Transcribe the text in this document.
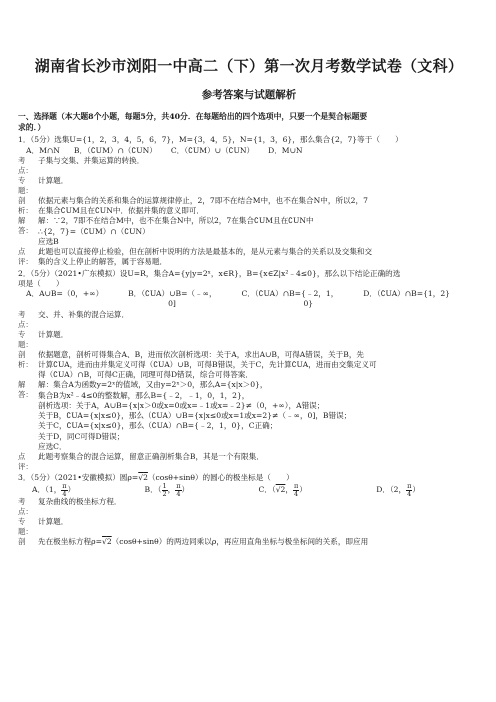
湖南省长沙市浏阳一中高二（下）第一次月考数学试卷（文科）
参考答案与试题解析
一、选择题（本大题8个小题，每题5分，共40分．在每题给出的四个选项中，只要一个是契合标题要
求的．）
1．（5分）选集U={1，2，3，4，5，6，7}，M={3，4，5}，N={1，3，6}，那么集合{2，7}等于（　　）
A．M∩N B．（∁UM）∩（∁UN） C．（∁UM）∪（∁UN） D．M∪N
考
点：
子集与交集、并集运算的转换．
专
题：
计算题．
剖
析：

依据元素与集合的关系和集合的运算规律停止，2，7即不在结合M中，也不在集合N中，所以2，7

在集合∁UM且在∁UN中．依据并集的意义即可．

解
答：

解：∵2，7即不在结合M中，也不在集合N中，所以2，7在集合∁UM且在∁UN中

∴{2，7}=（∁UM）∩（∁UN）

应选B

点
评：

此题也可以直接停止检验，但在剖析中说明的方法是最基本的，是从元素与集合的关系以及交集和交

集的含义上停止的解答，属于容易题．

2．（5分）（2021•广东模拟）设U=R，集合A={y|y=2ˣ，x∈R}，B={x∈Z|x²﹣4≤0}，那么以下结论正确的选
项是（　　）
A．A∪B=（0，+∞）	B．（∁UA）∪B=（﹣∞，
0]
C．（∁UA）∩B={﹣2，1，
0}
D．（∁UA）∩B={1，2}
考
点：
交、并、补集的混合运算．
专
题：
计算题．
剖
析：

依据题意，剖析可得集合A、B，进而依次剖析选项：关于A，求出A∪B，可得A错误，关于B，先

计算∁UA，进而由并集定义可得（∁UA）∪B，可得B错误，关于C，先计算∁UA，进而由交集定义可

得（∁UA）∩B，可得C正确，同理可得D错误，综合可得答案．

解
答：

解：集合A为函数y=2ˣ的值域，又由y=2ˣ＞0，那么A={x|x＞0}，

集合B为x²﹣4≤0的整数解，那么B={﹣2，﹣1，0，1，2}，

剖析选项：关于A，A∪B={x|x＞0或x=0或x=﹣1或x=﹣2}≠（0，+∞），A错误；

关于B，∁UA={x|x≤0}，那么（∁UA）∪B={x|x≤0或x=1或x=2}≠（﹣∞，0]，B错误；

关于C，∁UA={x|x≤0}，那么（∁UA）∩B={﹣2，1，0}，C正确；

关于D，同C可得D错误；

应选C．

点
评：
此题考察集合的混合运算，留意正确剖析集合B，其是一个有限集．
3．（5分）（2021•安徽模拟）圆ρ=√2（cosθ+sinθ）的圆心的极坐标是（　　）
A．（1， $\frac{\pi}{4}$ ）	B．（ $\frac{1}{2}$ ， $\frac{\pi}{4}$ ）	C．（√2， $\frac{\pi}{4}$ ）	D．（2， $\frac{\pi}{4}$ ）
考
点：
复杂曲线的极坐标方程．
专
题：
计算题．
剖	先在极坐标方程ρ=√2（cosθ+sinθ）的两边同乘以ρ，再应用直角坐标与极坐标间的关系，即应用
